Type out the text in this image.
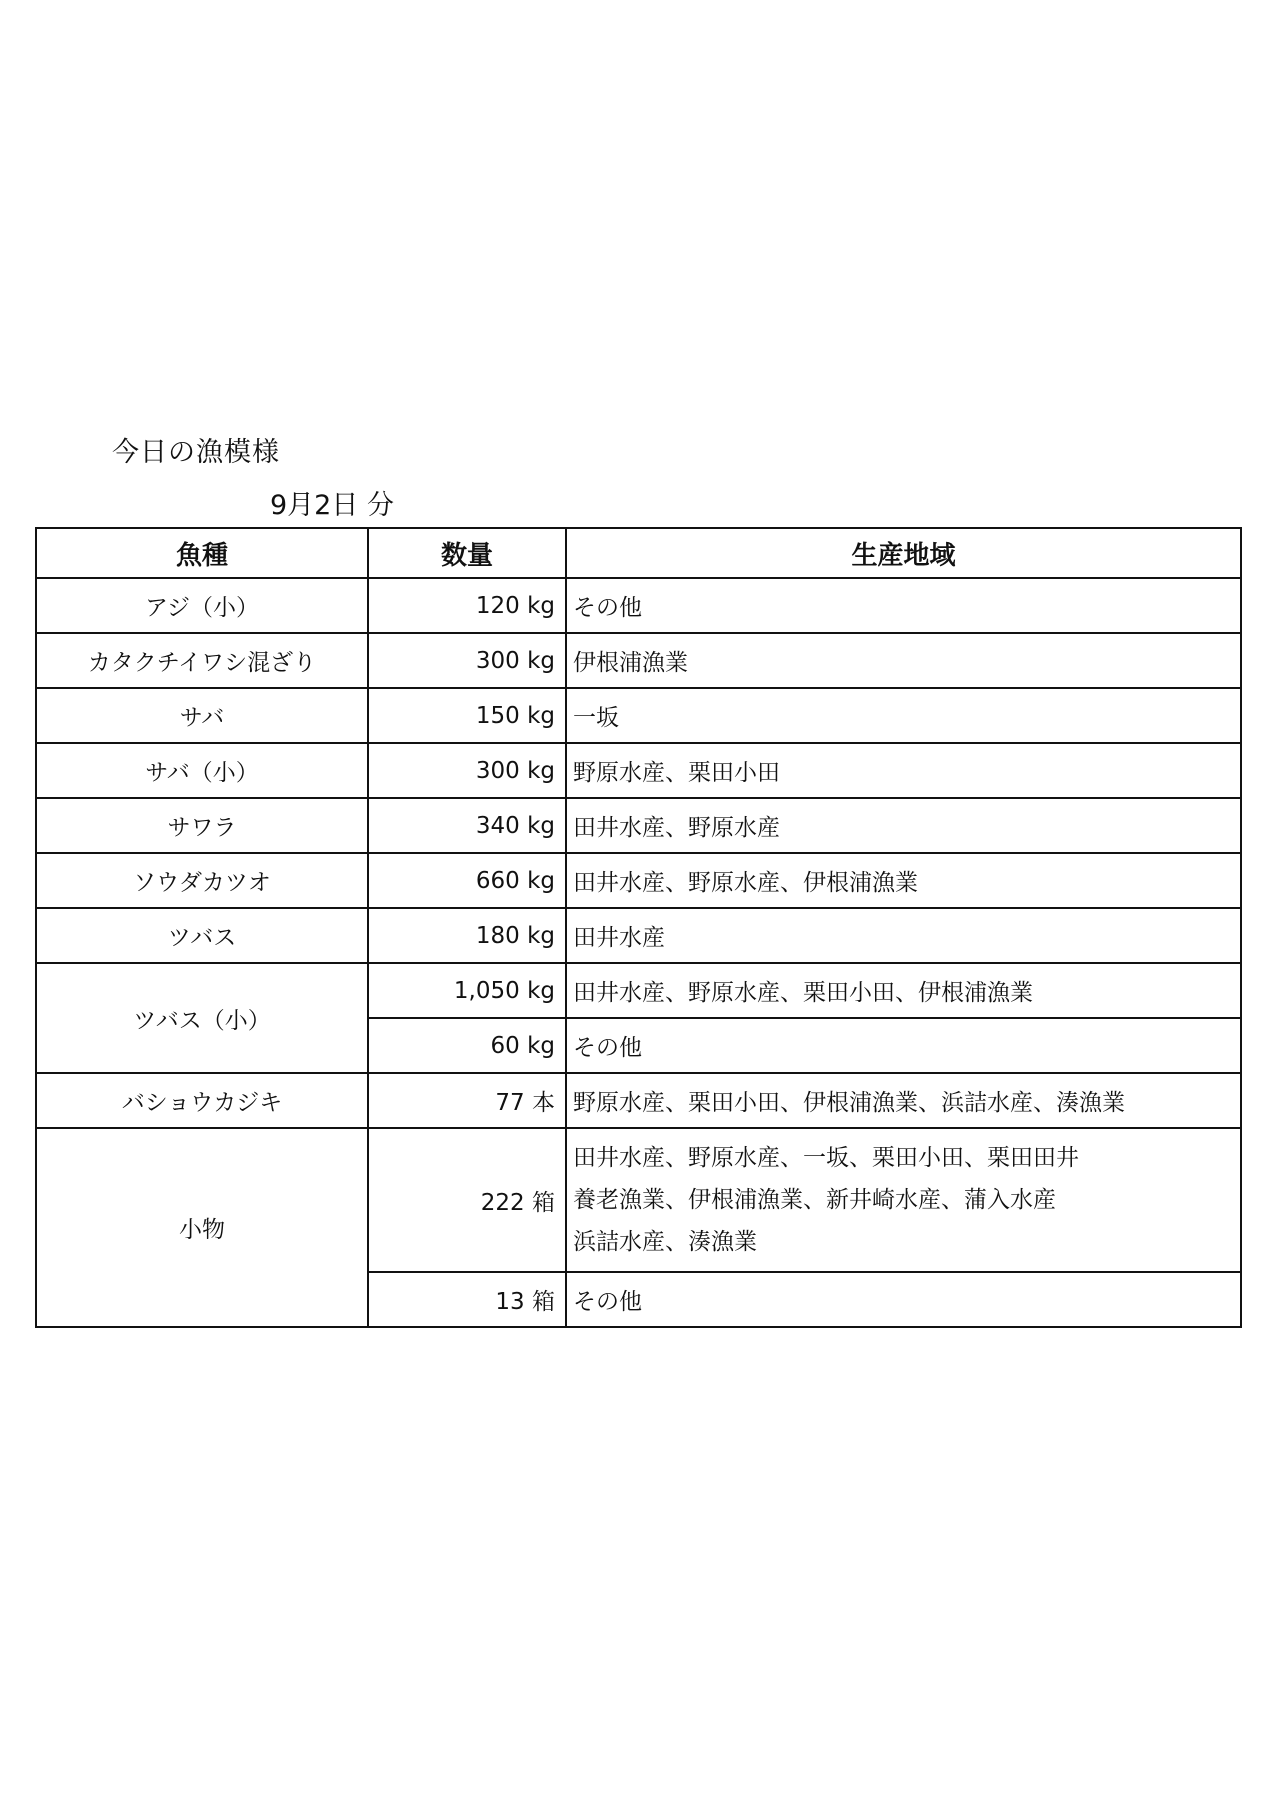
今日の漁模様
9月2日 分
魚種	数量	生産地域
アジ（小）	120 kg	その他

カタクチイワシ混ざり	300 kg	伊根浦漁業

サバ	150 kg	一坂

サバ（小）	300 kg	野原水産、栗田小田

サワラ	340 kg	田井水産、野原水産

ソウダカツオ	660 kg	田井水産、野原水産、伊根浦漁業

ツバス	180 kg	田井水産

ツバス（小）	1,050 kg	田井水産、野原水産、栗田小田、伊根浦漁業

	60 kg	その他

バショウカジキ	77 本	野原水産、栗田小田、伊根浦漁業、浜詰水産、湊漁業

小物	222 箱	田井水産、野原水産、一坂、栗田小田、栗田田井
養老漁業、伊根浦漁業、新井崎水産、蒲入水産
浜詰水産、湊漁業

	13 箱	その他
